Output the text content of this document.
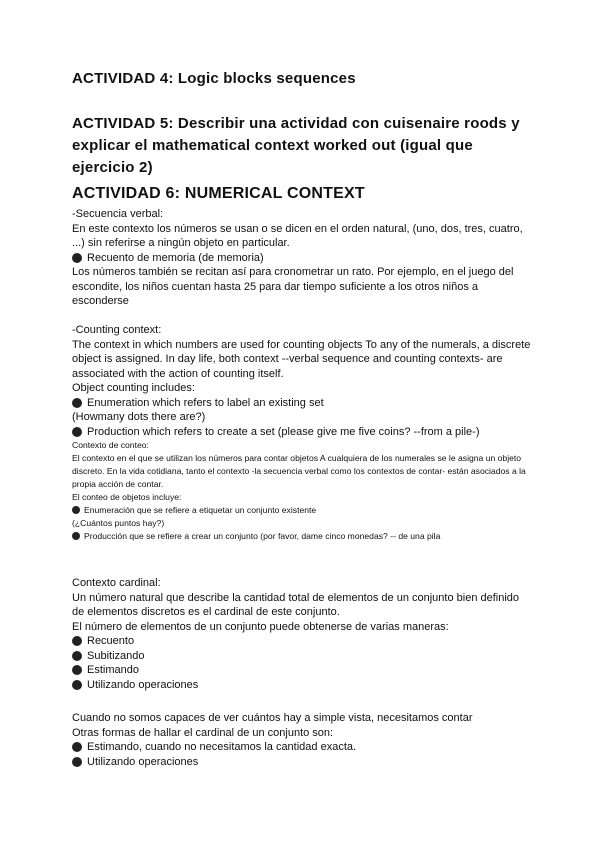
ACTIVIDAD 4: Logic blocks sequences
ACTIVIDAD 5: Describir una actividad con cuisenaire roods y explicar el mathematical context worked out (igual que ejercicio 2)
ACTIVIDAD 6: NUMERICAL CONTEXT

-Secuencia verbal:

En este contexto los números se usan o se dicen en el orden natural, (uno, dos, tres, cuatro, ...) sin referirse a ningún objeto en particular.

Recuento de memoria (de memoria)

Los números también se recitan así para cronometrar un rato. Por ejemplo, en el juego del escondite, los niños cuentan hasta 25 para dar tiempo suficiente a los otros niños a esconderse

-Counting context:

The context in which numbers are used for counting objects To any of the numerals, a discrete object is assigned. In day life, both context --verbal sequence and counting contexts- are associated with the action of counting itself.

Object counting includes:

Enumeration which refers to label an existing set

(Howmany dots there are?)

Production which refers to create a set (please give me five coins? --from a pile-)

Contexto de conteo:

El contexto en el que se utilizan los números para contar objetos A cualquiera de los numerales se le asigna un objeto discreto. En la vida cotidiana, tanto el contexto -la secuencia verbal como los contextos de contar- están asociados a la propia acción de contar.

El conteo de objetos incluye:

Enumeración que se refiere a etiquetar un conjunto existente

(¿Cuántos puntos hay?)

Producción que se refiere a crear un conjunto (por favor, dame cinco monedas? -- de una pila

Contexto cardinal:

Un número natural que describe la cantidad total de elementos de un conjunto bien definido de elementos discretos es el cardinal de este conjunto.

El número de elementos de un conjunto puede obtenerse de varias maneras:

Recuento

Subitizando

Estimando

Utilizando operaciones

Cuando no somos capaces de ver cuántos hay a simple vista, necesitamos contar

Otras formas de hallar el cardinal de un conjunto son:

Estimando, cuando no necesitamos la cantidad exacta.

Utilizando operaciones
